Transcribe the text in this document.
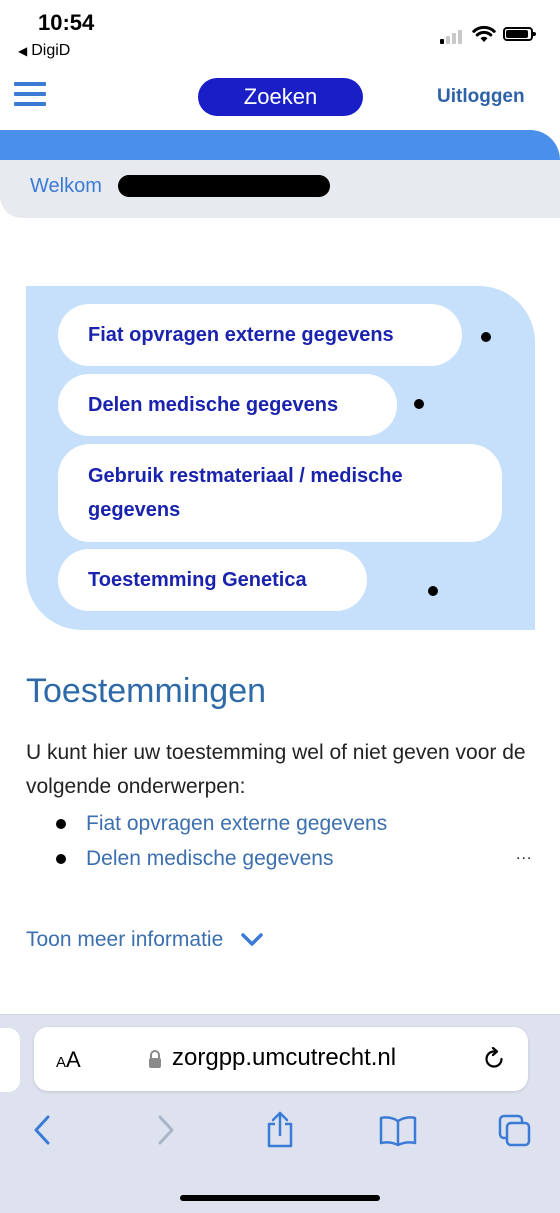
10:54
◀ DigiD
Zoeken	Uitloggen
Welkom
Fiat opvragen externe gegevens
Delen medische gegevens
Gebruik restmateriaal / medische gegevens
Toestemming Genetica
Toestemmingen
U kunt hier uw toestemming wel of niet geven voor de volgende onderwerpen:
Fiat opvragen externe gegevens
Delen medische gegevens	...
Toon meer informatie
AA	zorgpp.umcutrecht.nl
